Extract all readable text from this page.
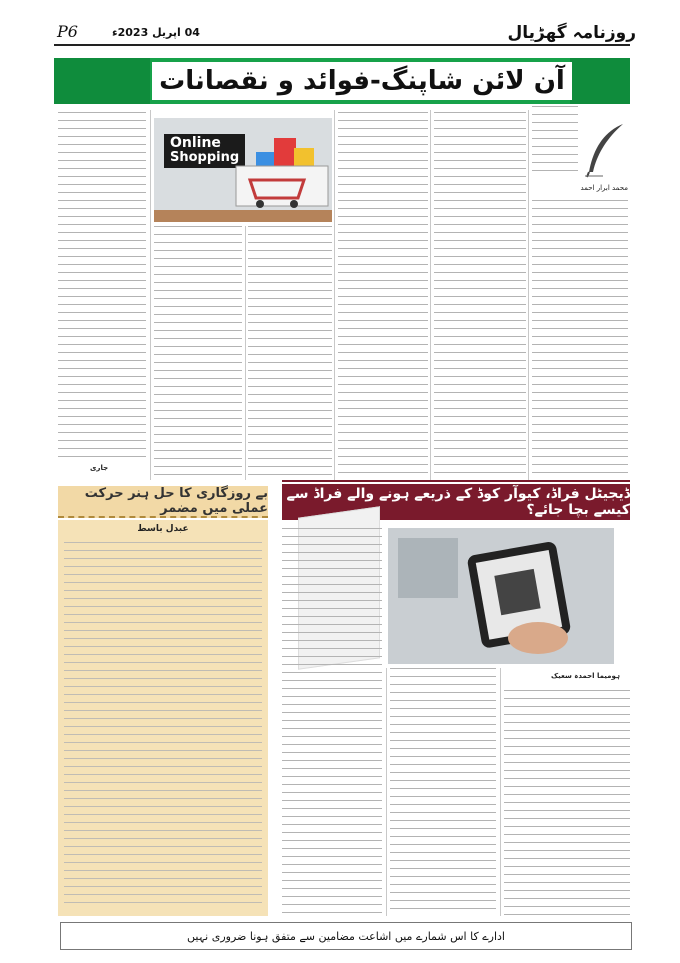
P6	04 اپریل 2023ء	روزنامہ گھڑیال
آن لائن شاپنگ-فوائد و نقصانات
محمد ابرار احمد
Online
Shopping
جاری
ڈیجیٹل فراڈ، کیوآر کوڈ کے ذریعے ہونے والے فراڈ سے کیسے بچا جائے؟
ہومیما احمدہ سعیک
بے روزگاری کا حل ہنر حرکت عملی میں مضمر
عبدل باسط
ادارے کا اس شمارے میں اشاعت مضامین سے متفق ہونا ضروری نہیں
